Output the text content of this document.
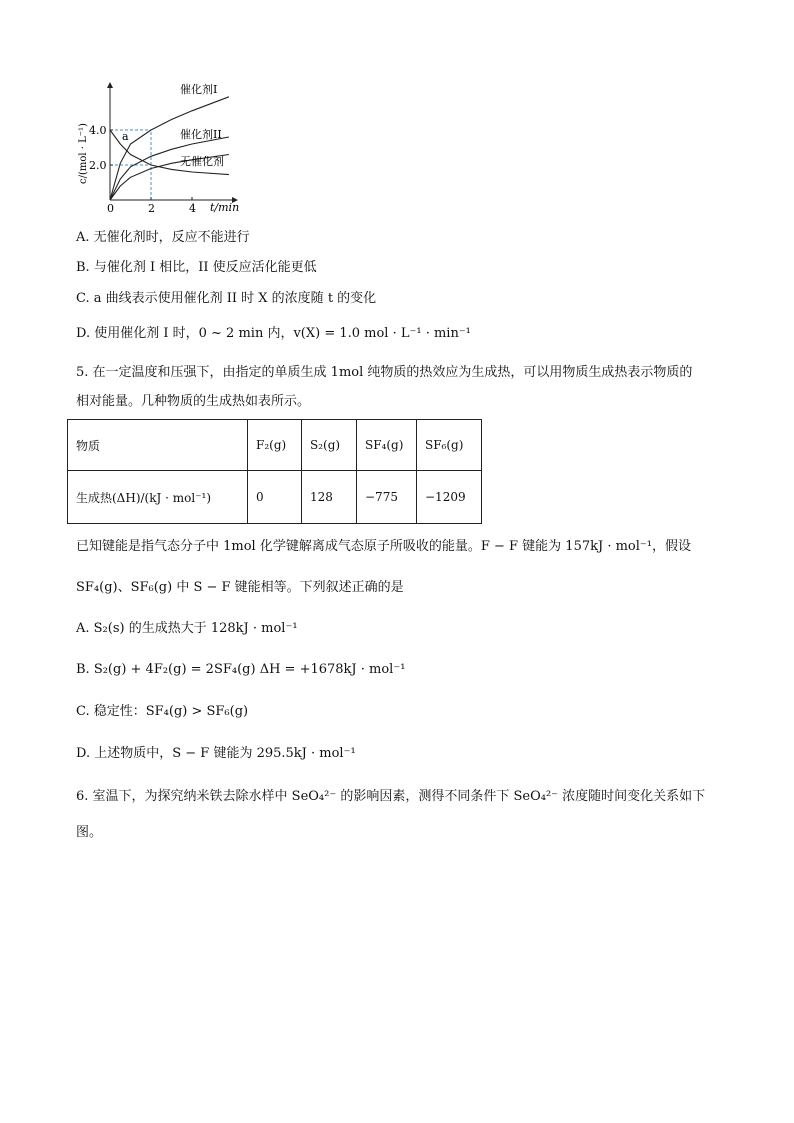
0	2	4
2.0
4.0
c/(mol · L⁻¹)
t/min
催化剂I
催化剂II
无催化剂
a
A. 无催化剂时，反应不能进行
B. 与催化剂 I 相比，II 使反应活化能更低
C. a 曲线表示使用催化剂 II 时 X 的浓度随 t 的变化
D. 使用催化剂 I 时，0 ~ 2 min 内，v(X) = 1.0 mol · L⁻¹ · min⁻¹
5. 在一定温度和压强下，由指定的单质生成 1mol 纯物质的热效应为生成热，可以用物质生成热表示物质的
相对能量。几种物质的生成热如表所示。
物质	F₂(g)	S₂(g)	SF₄(g)	SF₆(g)
生成热(ΔH)/(kJ · mol⁻¹)	0	128	−775	−1209
已知键能是指气态分子中 1mol 化学键解离成气态原子所吸收的能量。F − F 键能为 157kJ · mol⁻¹，假设
SF₄(g)、SF₆(g) 中 S − F 键能相等。下列叙述正确的是
A. S₂(s) 的生成热大于 128kJ · mol⁻¹
B. S₂(g) + 4F₂(g) = 2SF₄(g) ΔH = +1678kJ · mol⁻¹
C. 稳定性：SF₄(g) > SF₆(g)
D. 上述物质中，S − F 键能为 295.5kJ · mol⁻¹
6. 室温下，为探究纳米铁去除水样中 SeO₄²⁻ 的影响因素，测得不同条件下 SeO₄²⁻ 浓度随时间变化关系如下
图。
